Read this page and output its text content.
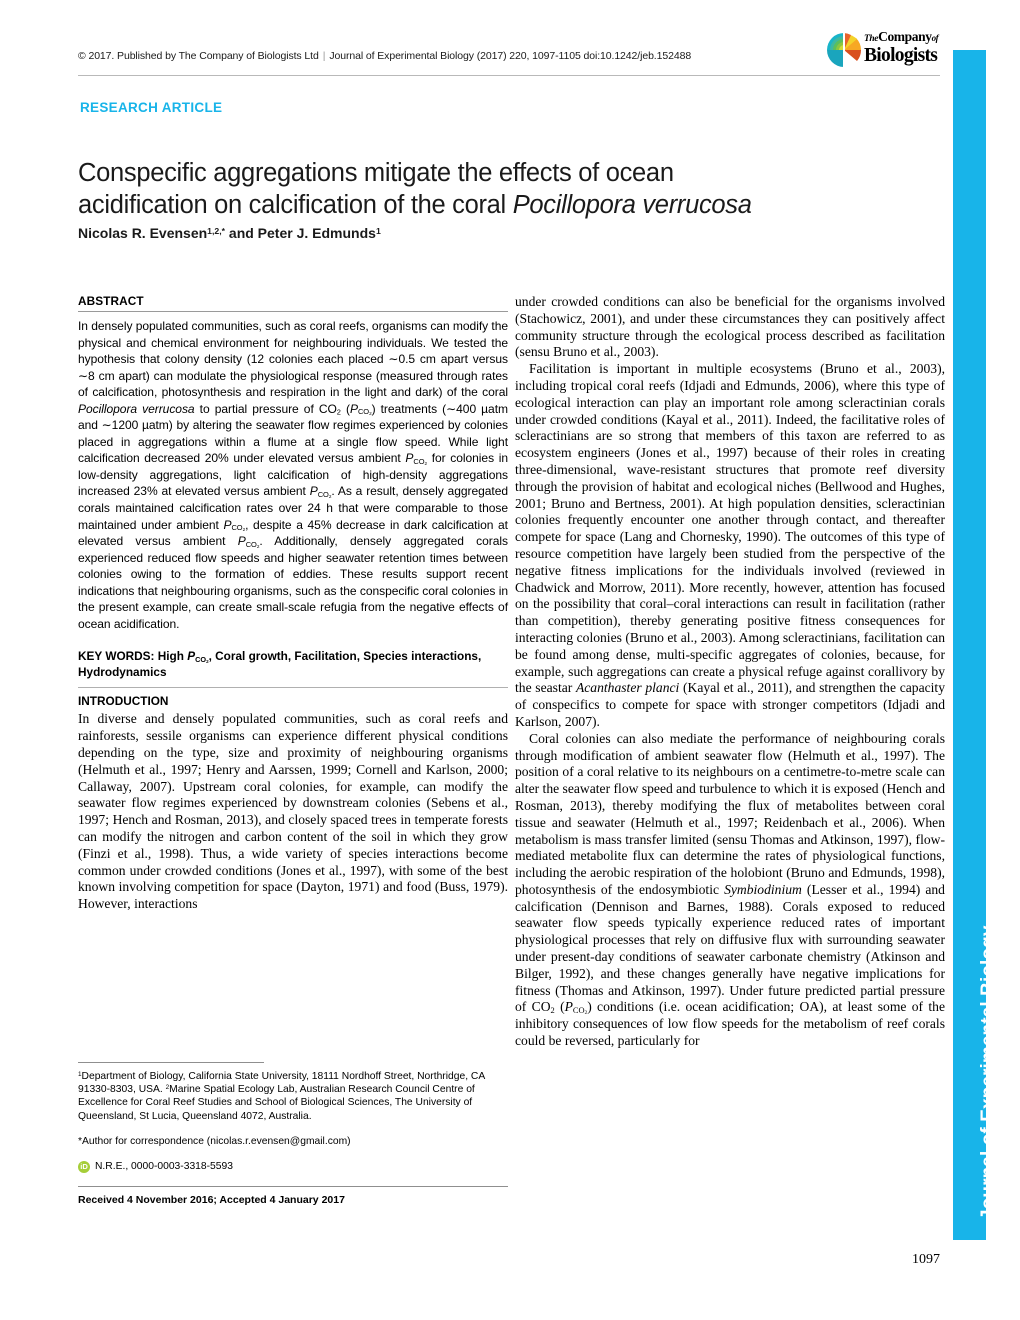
© 2017. Published by The Company of Biologists Ltd | Journal of Experimental Biology (2017) 220, 1097-1105 doi:10.1242/jeb.152488
TheCompanyof
Biologists
Journal of Experimental Biology
RESEARCH ARTICLE
Conspecific aggregations mitigate the effects of ocean
acidification on calcification of the coral Pocillopora verrucosa
Nicolas R. Evensen$^{1,2,*}$ and Peter J. Edmunds$^1$
ABSTRACT

In densely populated communities, such as coral reefs, organisms can modify the physical and chemical environment for neighbouring individuals. We tested the hypothesis that colony density (12 colonies each placed ∼0.5 cm apart versus ∼8 cm apart) can modulate the physiological response (measured through rates of calcification, photosynthesis and respiration in the light and dark) of the coral Pocillopora verrucosa to partial pressure of $CO_2$ $(P_{CO_2})$ treatments (∼400 µatm and ∼1200 µatm) by altering the seawater flow regimes experienced by colonies placed in aggregations within a flume at a single flow speed. While light calcification decreased 20% under elevated versus ambient $P_{CO_2}$ for colonies in low-density aggregations, light calcification of high-density aggregations increased 23% at elevated versus ambient $P_{CO_2}$. As a result, densely aggregated corals maintained calcification rates over 24 h that were comparable to those maintained under ambient $P_{CO_2}$, despite a 45% decrease in dark calcification at elevated versus ambient $P_{CO_2}$. Additionally, densely aggregated corals experienced reduced flow speeds and higher seawater retention times between colonies owing to the formation of eddies. These results support recent indications that neighbouring organisms, such as the conspecific coral colonies in the present example, can create small-scale refugia from the negative effects of ocean acidification.

KEY WORDS: High $P_{CO_2}$, Coral growth, Facilitation, Species interactions, Hydrodynamics

INTRODUCTION

In diverse and densely populated communities, such as coral reefs and rainforests, sessile organisms can experience different physical conditions depending on the type, size and proximity of neighbouring organisms (Helmuth et al., 1997; Henry and Aarssen, 1999; Cornell and Karlson, 2000; Callaway, 2007). Upstream coral colonies, for example, can modify the seawater flow regimes experienced by downstream colonies (Sebens et al., 1997; Hench and Rosman, 2013), and closely spaced trees in temperate forests can modify the nitrogen and carbon content of the soil in which they grow (Finzi et al., 1998). Thus, a wide variety of species interactions become common under crowded conditions (Jones et al., 1997), with some of the best known involving competition for space (Dayton, 1971) and food (Buss, 1979). However, interactions

under crowded conditions can also be beneficial for the organisms involved (Stachowicz, 2001), and under these circumstances they can positively affect community structure through the ecological process described as facilitation (sensu Bruno et al., 2003).

Facilitation is important in multiple ecosystems (Bruno et al., 2003), including tropical coral reefs (Idjadi and Edmunds, 2006), where this type of ecological interaction can play an important role among scleractinian corals under crowded conditions (Kayal et al., 2011). Indeed, the facilitative roles of scleractinians are so strong that members of this taxon are referred to as ecosystem engineers (Jones et al., 1997) because of their roles in creating three-dimensional, wave-resistant structures that promote reef diversity through the provision of habitat and ecological niches (Bellwood and Hughes, 2001; Bruno and Bertness, 2001). At high population densities, scleractinian colonies frequently encounter one another through contact, and thereafter compete for space (Lang and Chornesky, 1990). The outcomes of this type of resource competition have largely been studied from the perspective of the negative fitness implications for the individuals involved (reviewed in Chadwick and Morrow, 2011). More recently, however, attention has focused on the possibility that coral–coral interactions can result in facilitation (rather than competition), thereby generating positive fitness consequences for interacting colonies (Bruno et al., 2003). Among scleractinians, facilitation can be found among dense, multi-specific aggregates of colonies, because, for example, such aggregations can create a physical refuge against corallivory by the seastar Acanthaster planci (Kayal et al., 2011), and strengthen the capacity of conspecifics to compete for space with stronger competitors (Idjadi and Karlson, 2007).

Coral colonies can also mediate the performance of neighbouring corals through modification of ambient seawater flow (Helmuth et al., 1997). The position of a coral relative to its neighbours on a centimetre-to-metre scale can alter the seawater flow speed and turbulence to which it is exposed (Hench and Rosman, 2013), thereby modifying the flux of metabolites between coral tissue and seawater (Helmuth et al., 1997; Reidenbach et al., 2006). When metabolism is mass transfer limited (sensu Thomas and Atkinson, 1997), flow-mediated metabolite flux can determine the rates of physiological functions, including the aerobic respiration of the holobiont (Bruno and Edmunds, 1998), photosynthesis of the endosymbiotic Symbiodinium (Lesser et al., 1994) and calcification (Dennison and Barnes, 1988). Corals exposed to reduced seawater flow speeds typically experience reduced rates of important physiological processes that rely on diffusive flux with surrounding seawater under present-day conditions of seawater carbonate chemistry (Atkinson and Bilger, 1992), and these changes generally have negative implications for fitness (Thomas and Atkinson, 1997). Under future predicted partial pressure of $CO_2$ $(P_{CO_2})$ conditions (i.e. ocean acidification; OA), at least some of the inhibitory consequences of low flow speeds for the metabolism of reef corals could be reversed, particularly for

$^1$Department of Biology, California State University, 18111 Nordhoff Street, Northridge, CA 91330-8303, USA. $^2$Marine Spatial Ecology Lab, Australian Research Council Centre of Excellence for Coral Reef Studies and School of Biological Sciences, The University of Queensland, St Lucia, Queensland 4072, Australia.

*Author for correspondence (nicolas.r.evensen@gmail.com)

iD N.R.E., 0000-0003-3318-5593

Received 4 November 2016; Accepted 4 January 2017

1097
